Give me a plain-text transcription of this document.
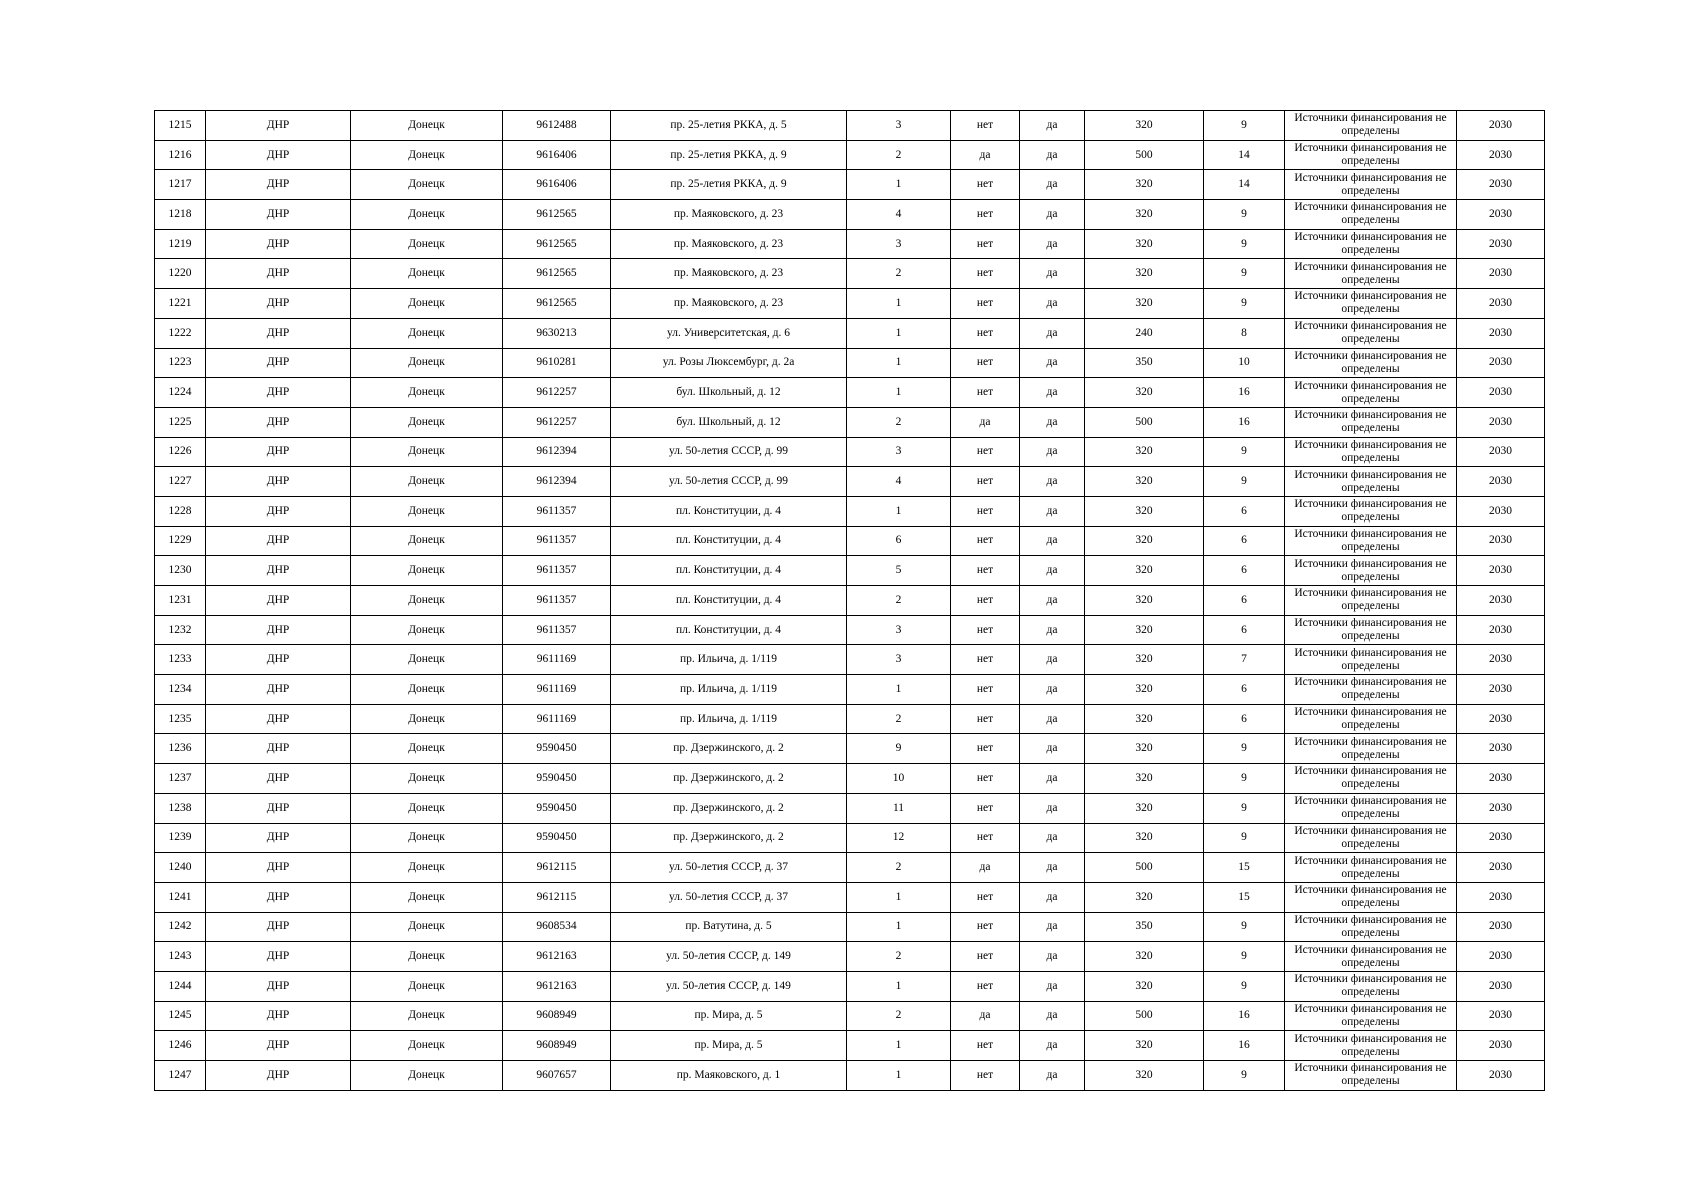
1215	ДНР	Донецк	9612488	пр. 25-летия РККА, д. 5	3	нет	да	320	9	Источники финансирования не определены	2030
1216	ДНР	Донецк	9616406	пр. 25-летия РККА, д. 9	2	да	да	500	14	Источники финансирования не определены	2030
1217	ДНР	Донецк	9616406	пр. 25-летия РККА, д. 9	1	нет	да	320	14	Источники финансирования не определены	2030
1218	ДНР	Донецк	9612565	пр. Маяковского, д. 23	4	нет	да	320	9	Источники финансирования не определены	2030
1219	ДНР	Донецк	9612565	пр. Маяковского, д. 23	3	нет	да	320	9	Источники финансирования не определены	2030
1220	ДНР	Донецк	9612565	пр. Маяковского, д. 23	2	нет	да	320	9	Источники финансирования не определены	2030
1221	ДНР	Донецк	9612565	пр. Маяковского, д. 23	1	нет	да	320	9	Источники финансирования не определены	2030
1222	ДНР	Донецк	9630213	ул. Университетская, д. 6	1	нет	да	240	8	Источники финансирования не определены	2030
1223	ДНР	Донецк	9610281	ул. Розы Люксембург, д. 2а	1	нет	да	350	10	Источники финансирования не определены	2030
1224	ДНР	Донецк	9612257	бул. Школьный, д. 12	1	нет	да	320	16	Источники финансирования не определены	2030
1225	ДНР	Донецк	9612257	бул. Школьный, д. 12	2	да	да	500	16	Источники финансирования не определены	2030
1226	ДНР	Донецк	9612394	ул. 50-летия СССР, д. 99	3	нет	да	320	9	Источники финансирования не определены	2030
1227	ДНР	Донецк	9612394	ул. 50-летия СССР, д. 99	4	нет	да	320	9	Источники финансирования не определены	2030
1228	ДНР	Донецк	9611357	пл. Конституции, д. 4	1	нет	да	320	6	Источники финансирования не определены	2030
1229	ДНР	Донецк	9611357	пл. Конституции, д. 4	6	нет	да	320	6	Источники финансирования не определены	2030
1230	ДНР	Донецк	9611357	пл. Конституции, д. 4	5	нет	да	320	6	Источники финансирования не определены	2030
1231	ДНР	Донецк	9611357	пл. Конституции, д. 4	2	нет	да	320	6	Источники финансирования не определены	2030
1232	ДНР	Донецк	9611357	пл. Конституции, д. 4	3	нет	да	320	6	Источники финансирования не определены	2030
1233	ДНР	Донецк	9611169	пр. Ильича, д. 1/119	3	нет	да	320	7	Источники финансирования не определены	2030
1234	ДНР	Донецк	9611169	пр. Ильича, д. 1/119	1	нет	да	320	6	Источники финансирования не определены	2030
1235	ДНР	Донецк	9611169	пр. Ильича, д. 1/119	2	нет	да	320	6	Источники финансирования не определены	2030
1236	ДНР	Донецк	9590450	пр. Дзержинского, д. 2	9	нет	да	320	9	Источники финансирования не определены	2030
1237	ДНР	Донецк	9590450	пр. Дзержинского, д. 2	10	нет	да	320	9	Источники финансирования не определены	2030
1238	ДНР	Донецк	9590450	пр. Дзержинского, д. 2	11	нет	да	320	9	Источники финансирования не определены	2030
1239	ДНР	Донецк	9590450	пр. Дзержинского, д. 2	12	нет	да	320	9	Источники финансирования не определены	2030
1240	ДНР	Донецк	9612115	ул. 50-летия СССР, д. 37	2	да	да	500	15	Источники финансирования не определены	2030
1241	ДНР	Донецк	9612115	ул. 50-летия СССР, д. 37	1	нет	да	320	15	Источники финансирования не определены	2030
1242	ДНР	Донецк	9608534	пр. Ватутина, д. 5	1	нет	да	350	9	Источники финансирования не определены	2030
1243	ДНР	Донецк	9612163	ул. 50-летия СССР, д. 149	2	нет	да	320	9	Источники финансирования не определены	2030
1244	ДНР	Донецк	9612163	ул. 50-летия СССР, д. 149	1	нет	да	320	9	Источники финансирования не определены	2030
1245	ДНР	Донецк	9608949	пр. Мира, д. 5	2	да	да	500	16	Источники финансирования не определены	2030
1246	ДНР	Донецк	9608949	пр. Мира, д. 5	1	нет	да	320	16	Источники финансирования не определены	2030
1247	ДНР	Донецк	9607657	пр. Маяковского, д. 1	1	нет	да	320	9	Источники финансирования не определены	2030
